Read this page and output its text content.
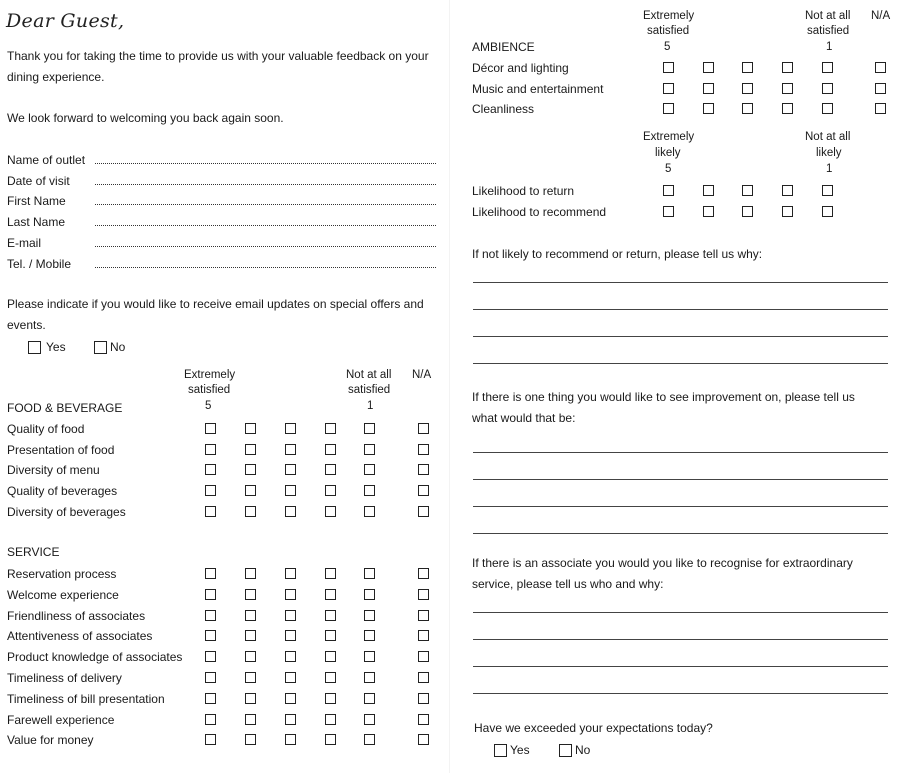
Dear Guest,
Thank you for taking the time to provide us with your valuable feedback on your
dining experience.
We look forward to welcoming you back again soon.
Name of outlet
Date of visit
First Name
Last Name
E-mail
Tel. / Mobile
Please indicate if you would like to receive email updates on special offers and
events.
Yes	No
Extremely
satisfied
5
Not at all
satisfied
1
N/A
FOOD & BEVERAGE
Quality of food
Presentation of food
Diversity of menu
Quality of beverages
Diversity of beverages
SERVICE
Reservation process
Welcome experience
Friendliness of associates
Attentiveness of associates
Product knowledge of associates
Timeliness of delivery
Timeliness of bill presentation
Farewell experience
Value for money
Extremely
satisfied
5
Not at all
satisfied
1
N/A
AMBIENCE
Décor and lighting
Music and entertainment
Cleanliness
Extremely
likely
5
Not at all
likely
1
Likelihood to return
Likelihood to recommend
If not likely to recommend or return, please tell us why:
If there is one thing you would like to see improvement on, please tell us
what would that be:
If there is an associate you would you like to recognise for extraordinary
service, please tell us who and why:
Have we exceeded your expectations today?
Yes	No
